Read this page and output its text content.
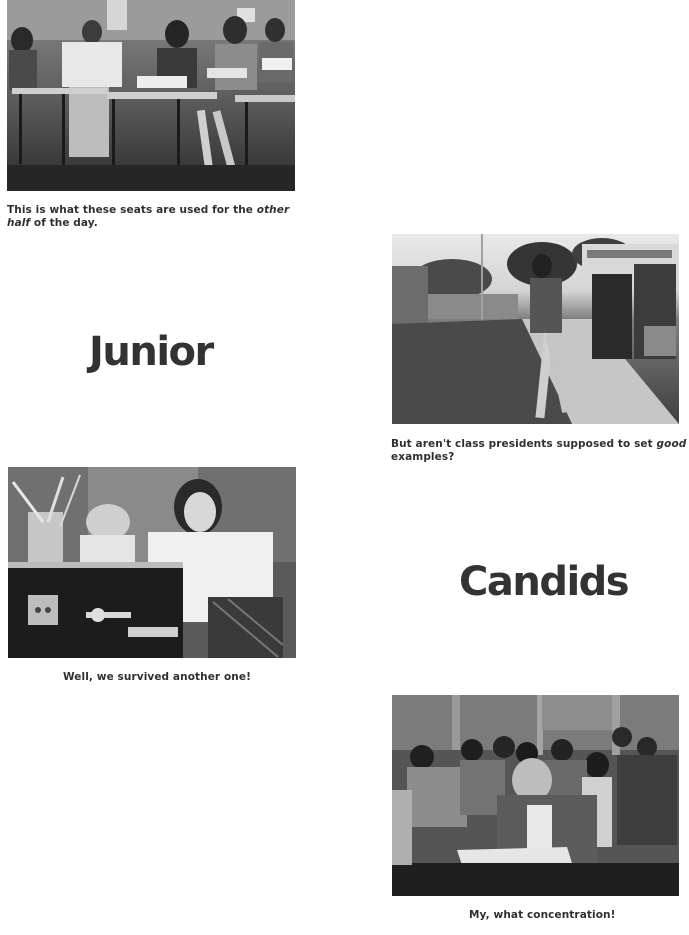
This is what these seats are used for the other half of the day.
Junior
But aren't class presidents supposed to set good examples?
Well, we survived another one!
Candids
My, what concentration!
